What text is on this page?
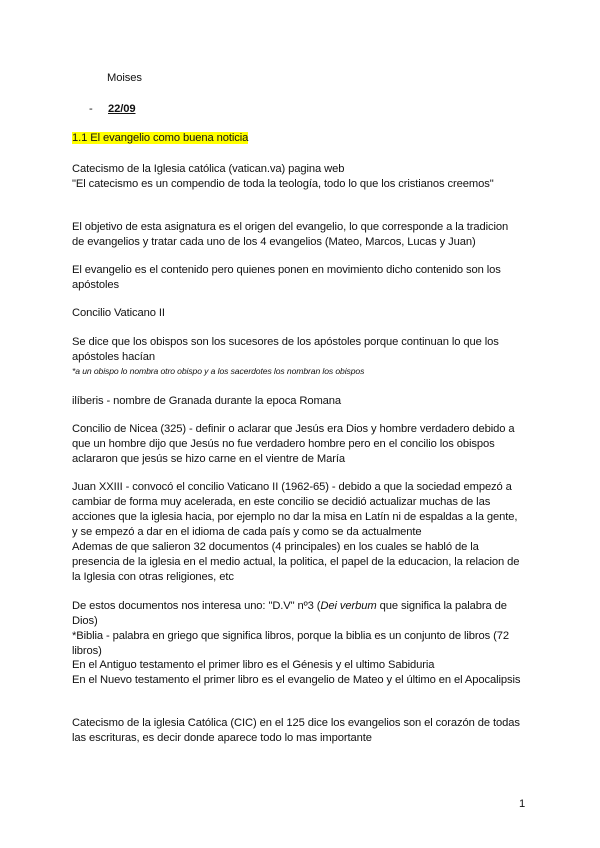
Moises
- 22/09
1.1 El evangelio como buena noticia
Catecismo de la Iglesia católica (vatican.va) pagina web
"El catecismo es un compendio de toda la teología, todo lo que los cristianos creemos"
El objetivo de esta asignatura es el origen del evangelio, lo que corresponde a la tradicion
de evangelios y tratar cada uno de los 4 evangelios (Mateo, Marcos, Lucas y Juan)
El evangelio es el contenido pero quienes ponen en movimiento dicho contenido son los
apóstoles
Concilio Vaticano II
Se dice que los obispos son los sucesores de los apóstoles porque continuan lo que los
apóstoles hacían
*a un obispo lo nombra otro obispo y a los sacerdotes los nombran los obispos
ilíberis - nombre de Granada durante la epoca Romana
Concilio de Nicea (325) - definir o aclarar que Jesús era Dios y hombre verdadero debido a
que un hombre dijo que Jesús no fue verdadero hombre pero en el concilio los obispos
aclararon que jesús se hizo carne en el vientre de María
Juan XXIII - convocó el concilio Vaticano II (1962-65) - debido a que la sociedad empezó a
cambiar de forma muy acelerada, en este concilio se decidió actualizar muchas de las
acciones que la iglesia hacia, por ejemplo no dar la misa en Latín ni de espaldas a la gente,
y se empezó a dar en el idioma de cada país y como se da actualmente
Ademas de que salieron 32 documentos (4 principales) en los cuales se habló de la
presencia de la iglesia en el medio actual, la politica, el papel de la educacion, la relacion de
la Iglesia con otras religiones, etc
De estos documentos nos interesa uno: "D.V" nº3 (Dei verbum que significa la palabra de
Dios)
*Biblia - palabra en griego que significa libros, porque la biblia es un conjunto de libros (72
libros)
En el Antiguo testamento el primer libro es el Génesis y el ultimo Sabiduria
En el Nuevo testamento el primer libro es el evangelio de Mateo y el último en el Apocalipsis
Catecismo de la iglesia Católica (CIC) en el 125 dice los evangelios son el corazón de todas
las escrituras, es decir donde aparece todo lo mas importante
1
